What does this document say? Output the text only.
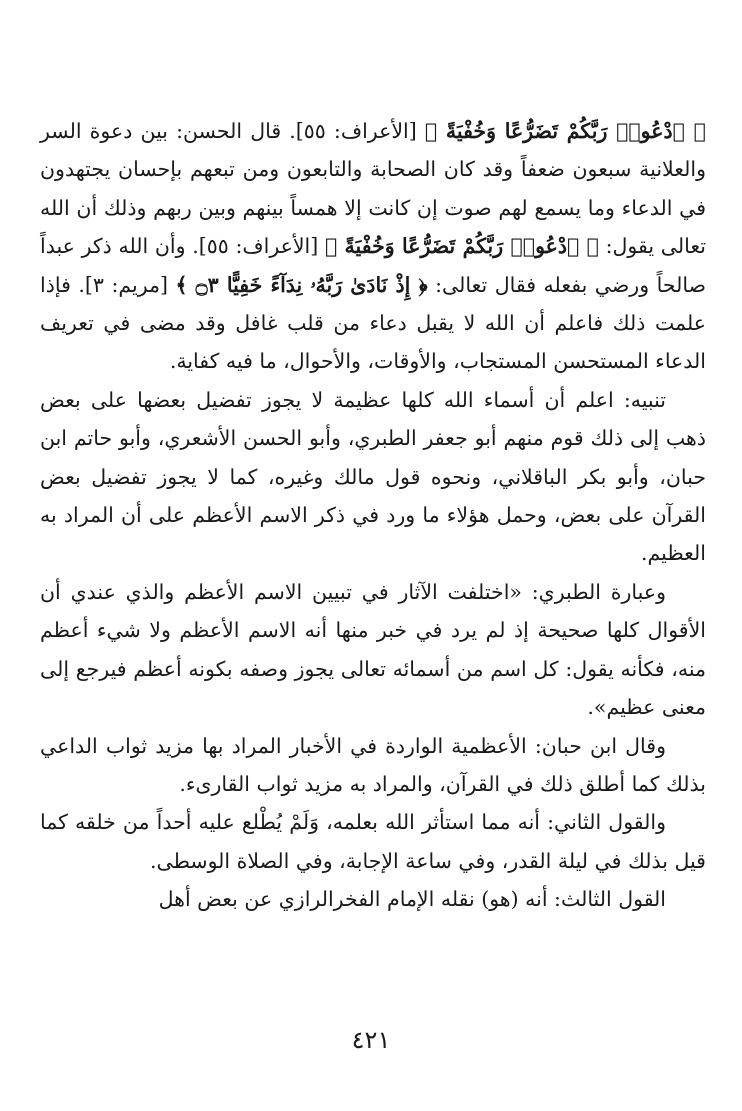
﴿ ٱدْعُوا۟ رَبَّكُمْ تَضَرُّعًا وَخُفْيَةً ﴾ [الأعراف: ٥٥]. قال الحسن: بين دعوة السر والعلانية سبعون ضعفاً وقد كان الصحابة والتابعون ومن تبعهم بإحسان يجتهدون في الدعاء وما يسمع لهم صوت إن كانت إلا همساً بينهم وبين ربهم وذلك أن الله تعالى يقول: ﴿ ٱدْعُوا۟ رَبَّكُمْ تَضَرُّعًا وَخُفْيَةً ﴾ [الأعراف: ٥٥]. وأن الله ذكر عبداً صالحاً ورضي بفعله فقال تعالى: ﴿ إِذْ نَادَىٰ رَبَّهُۥ نِدَآءً خَفِيًّا ۝٣ ﴾ [مريم: ٣]. فإذا علمت ذلك فاعلم أن الله لا يقبل دعاء من قلب غافل وقد مضى في تعريف الدعاء المستحسن المستجاب، والأوقات، والأحوال، ما فيه كفاية.

تنبيه: اعلم أن أسماء الله كلها عظيمة لا يجوز تفضيل بعضها على بعض ذهب إلى ذلك قوم منهم أبو جعفر الطبري، وأبو الحسن الأشعري، وأبو حاتم ابن حبان، وأبو بكر الباقلاني، ونحوه قول مالك وغيره، كما لا يجوز تفضيل بعض القرآن على بعض، وحمل هؤلاء ما ورد في ذكر الاسم الأعظم على أن المراد به العظيم.

وعبارة الطبري: «اختلفت الآثار في تبيين الاسم الأعظم والذي عندي أن الأقوال كلها صحيحة إذ لم يرد في خبر منها أنه الاسم الأعظم ولا شيء أعظم منه، فكأنه يقول: كل اسم من أسمائه تعالى يجوز وصفه بكونه أعظم فيرجع إلى معنى عظيم».

وقال ابن حبان: الأعظمية الواردة في الأخبار المراد بها مزيد ثواب الداعي بذلك كما أطلق ذلك في القرآن، والمراد به مزيد ثواب القارىء.

والقول الثاني: أنه مما استأثر الله بعلمه، وَلَمْ يُطْلع عليه أحداً من خلقه كما قيل بذلك في ليلة القدر، وفي ساعة الإجابة، وفي الصلاة الوسطى.

القول الثالث: أنه (هو) نقله الإمام الفخرالرازي عن بعض أهل

٤٢١
